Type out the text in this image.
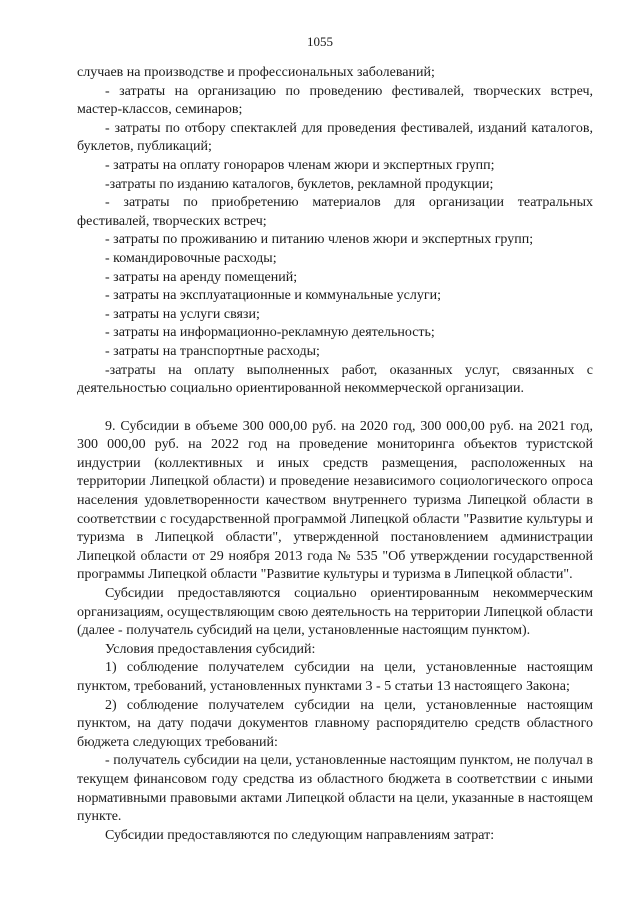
1055

случаев на производстве и профессиональных заболеваний;

- затраты на организацию по проведению фестивалей, творческих встреч, мастер-классов, семинаров;

- затраты по отбору спектаклей для проведения фестивалей, изданий каталогов, буклетов, публикаций;

- затраты на оплату гонораров членам жюри и экспертных групп;

-затраты по изданию каталогов, буклетов, рекламной продукции;

- затраты по приобретению материалов для организации театральных фестивалей, творческих встреч;

- затраты по проживанию и питанию членов жюри и экспертных групп;

- командировочные расходы;

- затраты на аренду помещений;

- затраты на эксплуатационные и коммунальные услуги;

- затраты на услуги связи;

- затраты на информационно-рекламную деятельность;

- затраты на транспортные расходы;

-затраты на оплату выполненных работ, оказанных услуг, связанных с деятельностью социально ориентированной некоммерческой организации.

9. Субсидии в объеме 300 000,00 руб. на 2020 год, 300 000,00 руб. на 2021 год, 300 000,00 руб. на 2022 год на проведение мониторинга объектов туристской индустрии (коллективных и иных средств размещения, расположенных на территории Липецкой области) и проведение независимого социологического опроса населения удовлетворенности качеством внутреннего туризма Липецкой области в соответствии с государственной программой Липецкой области "Развитие культуры и туризма в Липецкой области", утвержденной постановлением администрации Липецкой области от 29 ноября 2013 года № 535 "Об утверждении государственной программы Липецкой области "Развитие культуры и туризма в Липецкой области".

Субсидии предоставляются социально ориентированным некоммерческим организациям, осуществляющим свою деятельность на территории Липецкой области (далее - получатель субсидий на цели, установленные настоящим пунктом).

Условия предоставления субсидий:

1) соблюдение получателем субсидии на цели, установленные настоящим пунктом, требований, установленных пунктами 3 - 5 статьи 13 настоящего Закона;

2) соблюдение получателем субсидии на цели, установленные настоящим пунктом, на дату подачи документов главному распорядителю средств областного бюджета следующих требований:

- получатель субсидии на цели, установленные настоящим пунктом, не получал в текущем финансовом году средства из областного бюджета в соответствии с иными нормативными правовыми актами Липецкой области на цели, указанные в настоящем пункте.

Субсидии предоставляются по следующим направлениям затрат:
